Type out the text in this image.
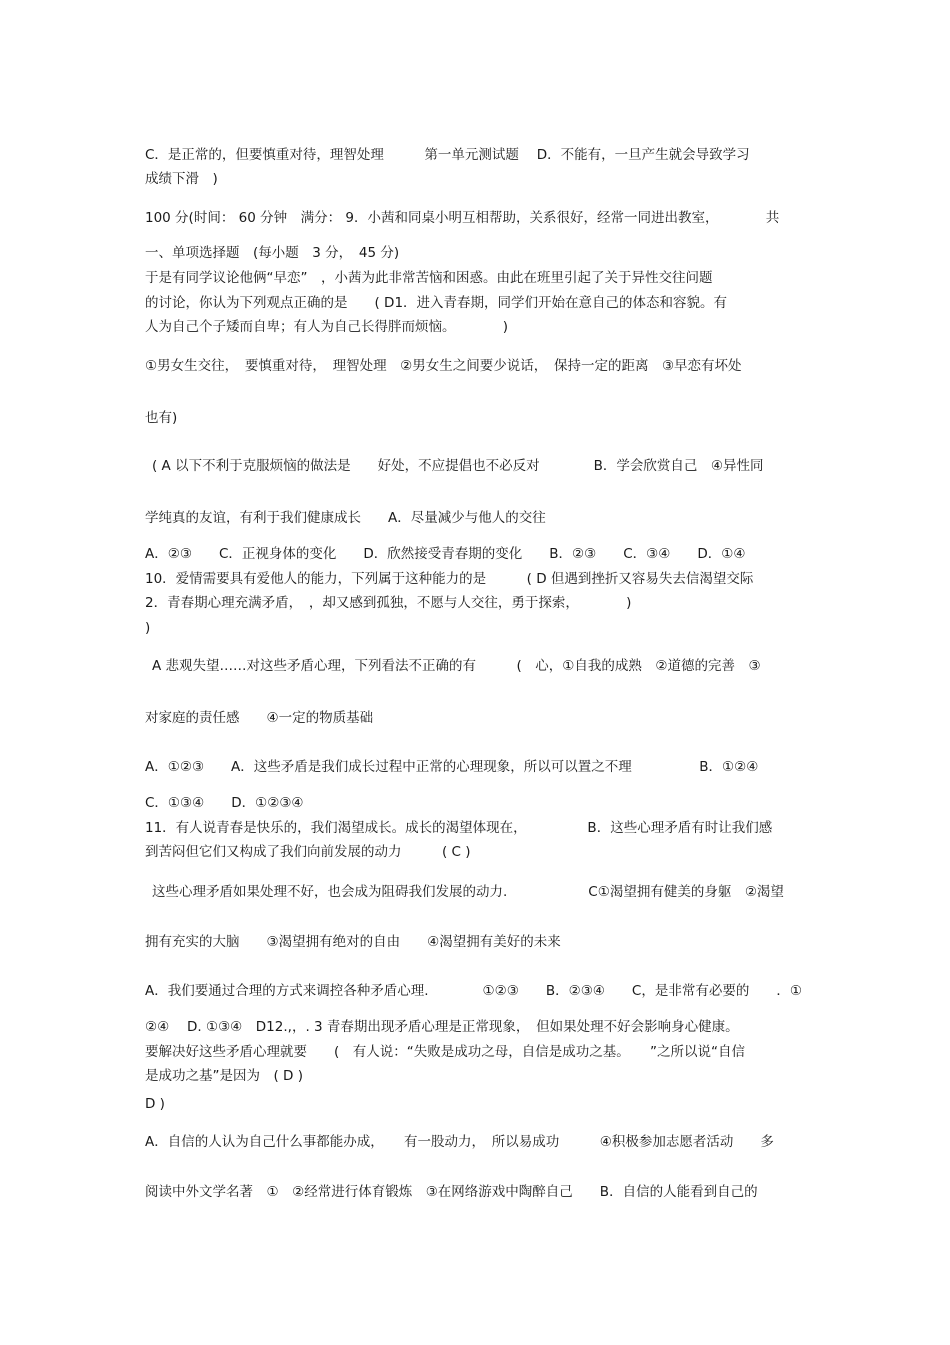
C．是正常的，但要慎重对待，理智处理　　　第一单元测试题　 D．不能有，一旦产生就会导致学习
成绩下滑　)
100 分(时间： 60 分钟　满分： 9．小茜和同桌小明互相帮助，关系很好，经常一同进出教室，　　　　共
一、单项选择题　(每小题　3 分，　45 分)
于是有同学议论他俩“早恋”　，小茜为此非常苦恼和困惑。由此在班里引起了关于异性交往问题
的讨论，你认为下列观点正确的是　　( D1．进入青春期，同学们开始在意自己的体态和容貌。有
人为自己个子矮而自卑；有人为自己长得胖而烦恼。　　　　)
①男女生交往，　要慎重对待，　理智处理　②男女生之间要少说话，　保持一定的距离　③早恋有坏处
也有)
( A 以下不利于克服烦恼的做法是　　好处，不应提倡也不必反对　　　　B．学会欣赏自己　④异性同
学纯真的友谊，有利于我们健康成长　　A．尽量减少与他人的交往
A．②③　　C．正视身体的变化　　D．欣然接受青春期的变化　　B．②③　　C．③④　　D．①④
10．爱情需要具有爱他人的能力，下列属于这种能力的是　　　( D 但遇到挫折又容易失去信渴望交际
2．青春期心理充满矛盾，　，却又感到孤独，不愿与人交往，勇于探索，　　　　)
)
A 悲观失望……对这些矛盾心理，下列看法不正确的有　　　(　心，①自我的成熟　②道德的完善　③
对家庭的责任感　　④一定的物质基础
A．①②③　　A．这些矛盾是我们成长过程中正常的心理现象，所以可以置之不理　　　　　B．①②④
C．①③④　　D．①②③④
11．有人说青春是快乐的，我们渴望成长。成长的渴望体现在，　　　　　B．这些心理矛盾有时让我们感
到苦闷但它们又构成了我们向前发展的动力　　　( C )
这些心理矛盾如果处理不好，也会成为阻碍我们发展的动力.　　　　　　C①渴望拥有健美的身躯　②渴望
拥有充实的大脑　　③渴望拥有绝对的自由　　④渴望拥有美好的未来
A．我们要通过合理的方式来调控各种矛盾心理.　　　　①②③　　B．②③④　　C，是非常有必要的　　．①
②④　 D. ①③④　D12.,，. 3 青春期出现矛盾心理是正常现象，　但如果处理不好会影响身心健康。
要解决好这些矛盾心理就要　　(　有人说：“失败是成功之母，自信是成功之基。　　”之所以说“自信
是成功之基”是因为　( D )
D )
A．自信的人认为自己什么事都能办成，　　有一股动力，　所以易成功　　　④积极参加志愿者活动　　多
阅读中外文学名著　①　②经常进行体育锻炼　③在网络游戏中陶醉自己　　B．自信的人能看到自己的
